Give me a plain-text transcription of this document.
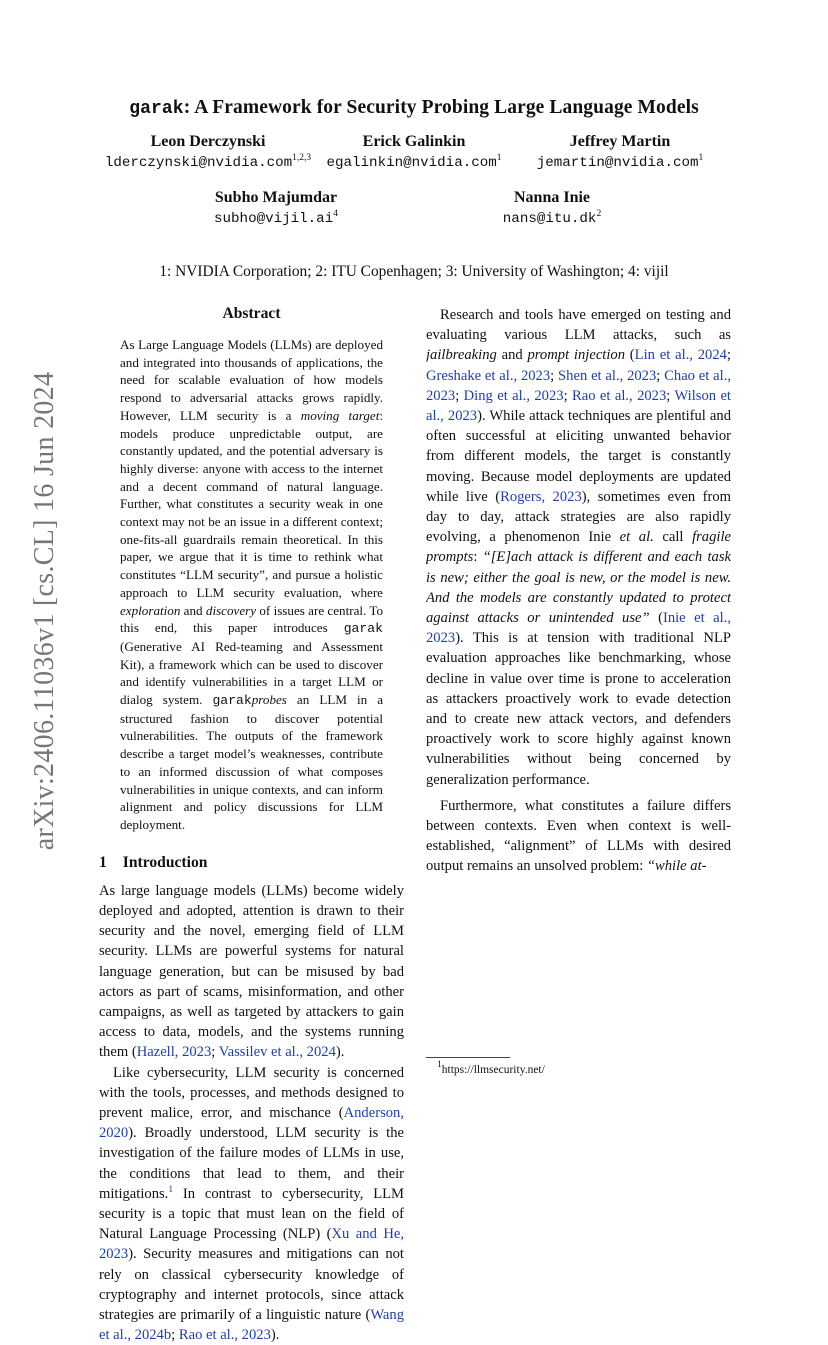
garak: A Framework for Security Probing Large Language Models
Leon Derczynski
lderczynski@nvidia.com$^{1,2,3}$
Erick Galinkin
egalinkin@nvidia.com$^1$
Jeffrey Martin
jemartin@nvidia.com$^1$
Subho Majumdar
$subho@vijil.ai^4$
Nanna Inie
$nans@itu.dk^2$
1: NVIDIA Corporation; 2: ITU Copenhagen; 3: University of Washington; 4: vijil
arXiv:2406.11036v1 [cs.CL] 16 Jun 2024
Abstract
As Large Language Models (LLMs) are deployed and integrated into thousands of applications, the need for scalable evaluation of how models respond to adversarial attacks grows rapidly. However, LLM security is a moving target: models produce unpredictable output, are constantly updated, and the potential adversary is highly diverse: anyone with access to the internet and a decent command of natural language. Further, what constitutes a security weak in one context may not be an issue in a different context; one-fits-all guardrails remain theoretical. In this paper, we argue that it is time to rethink what constitutes “LLM security”, and pursue a holistic approach to LLM security evaluation, where exploration and discovery of issues are central. To this end, this paper introduces garak (Generative AI Red-teaming and Assessment Kit), a framework which can be used to discover and identify vulnerabilities in a target LLM or dialog system. garakprobes an LLM in a structured fashion to discover potential vulnerabilities. The outputs of the framework describe a target model’s weaknesses, contribute to an informed discussion of what composes vulnerabilities in unique contexts, and can inform alignment and policy discussions for LLM deployment.
1 Introduction

As large language models (LLMs) become widely deployed and adopted, attention is drawn to their security and the novel, emerging field of LLM security. LLMs are powerful systems for natural language generation, but can be misused by bad actors as part of scams, misinformation, and other campaigns, as well as targeted by attackers to gain access to data, models, and the systems running them (Hazell, 2023; Vassilev et al., 2024).

Like cybersecurity, LLM security is concerned with the tools, processes, and methods designed to prevent malice, error, and mischance (Anderson, 2020). Broadly understood, LLM security is the investigation of the failure modes of LLMs in use, the conditions that lead to them, and their mitigations.$^1$ In contrast to cybersecurity, LLM security is a topic that must lean on the field of Natural Language Processing (NLP) (Xu and He, 2023). Security measures and mitigations can not rely on classical cybersecurity knowledge of cryptography and internet protocols, since attack strategies are primarily of a linguistic nature (Wang et al., 2024b; Rao et al., 2023).

Research and tools have emerged on testing and evaluating various LLM attacks, such as jailbreaking and prompt injection (Lin et al., 2024; Greshake et al., 2023; Shen et al., 2023; Chao et al., 2023; Ding et al., 2023; Rao et al., 2023; Wilson et al., 2023). While attack techniques are plentiful and often successful at eliciting unwanted behavior from different models, the target is constantly moving. Because model deployments are updated while live (Rogers, 2023), sometimes even from day to day, attack strategies are also rapidly evolving, a phenomenon Inie et al. call fragile prompts: “[E]ach attack is different and each task is new; either the goal is new, or the model is new. And the models are constantly updated to protect against attacks or unintended use” (Inie et al., 2023). This is at tension with traditional NLP evaluation approaches like benchmarking, whose decline in value over time is prone to acceleration as attackers proactively work to evade detection and to create new attack vectors, and defenders proactively work to score highly against known vulnerabilities without being concerned by generalization performance.

Furthermore, what constitutes a failure differs between contexts. Even when context is well-established, “alignment” of LLMs with desired output remains an unsolved problem: “while at-

$^1$https://llmsecurity.net/
